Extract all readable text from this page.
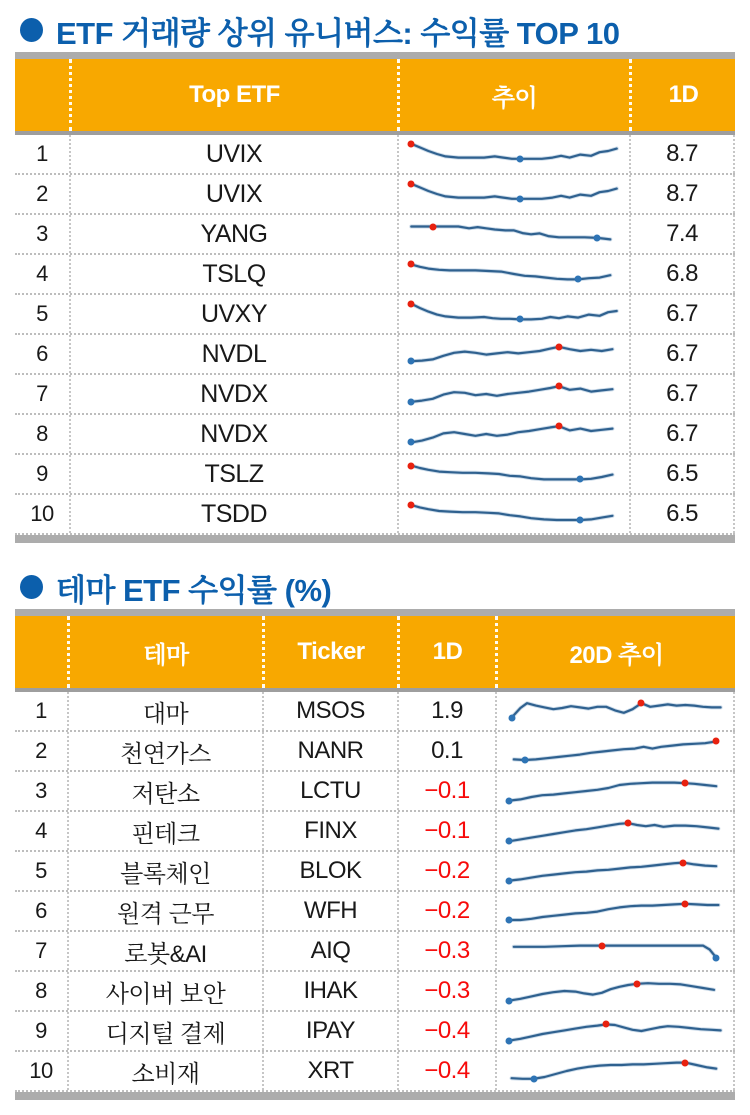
ETF 거래량 상위 유니버스: 수익률 TOP 10
Top ETF	추이	1D
1	UVIX	8.7
2	UVIX	8.7
3	YANG	7.4
4	TSLQ	6.8
5	UVXY	6.7
6	NVDL	6.7
7	NVDX	6.7
8	NVDX	6.7
9	TSLZ	6.5
10	TSDD	6.5
테마 ETF 수익률 (%)
테마	Ticker	1D	20D 추이
1	대마	MSOS	1.9
2	천연가스	NANR	0.1
3	저탄소	LCTU	−0.1
4	핀테크	FINX	−0.1
5	블록체인	BLOK	−0.2
6	원격 근무	WFH	−0.2
7	로봇&AI	AIQ	−0.3
8	사이버 보안	IHAK	−0.3
9	디지털 결제	IPAY	−0.4
10	소비재	XRT	−0.4
